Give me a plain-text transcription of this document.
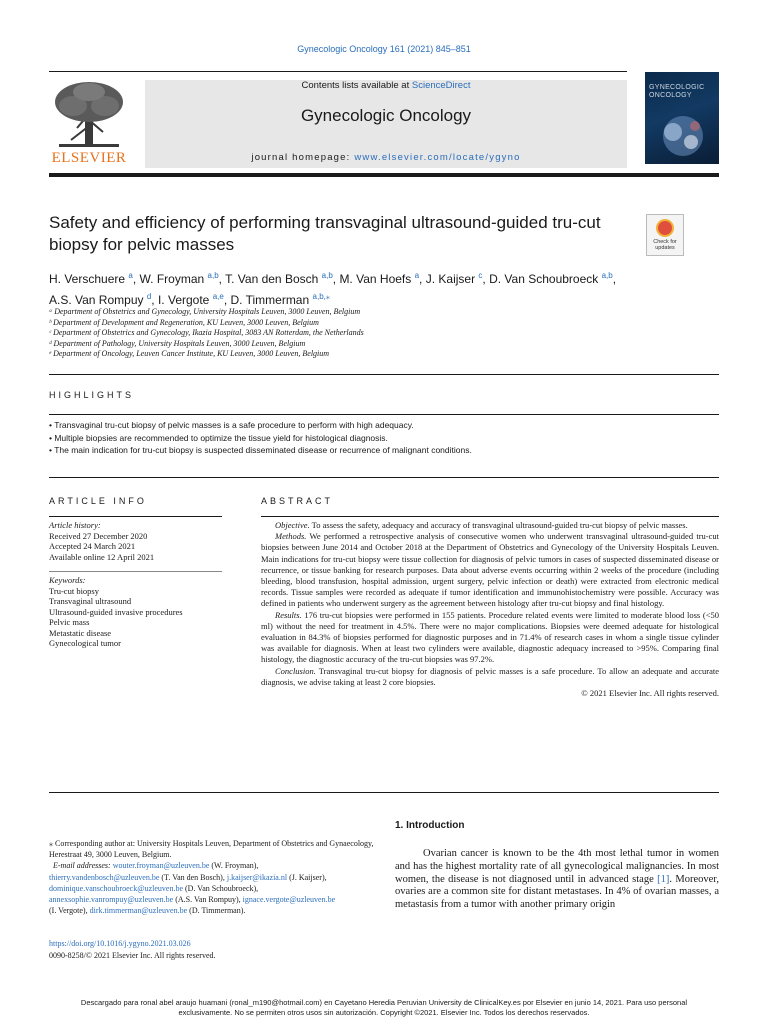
Gynecologic Oncology 161 (2021) 845–851
ELSEVIER
Contents lists available at ScienceDirect
Gynecologic Oncology
journal homepage: www.elsevier.com/locate/ygyno
GYNECOLOGIC ONCOLOGY
Safety and efficiency of performing transvaginal ultrasound-guided tru-cut biopsy for pelvic masses	Check for updates
H. Verschuere $^a$, W. Froyman $^{a,b}$, T. Van den Bosch $^{a,b}$, M. Van Hoefs $^a$, J. Kaijser $^c$, D. Van Schoubroeck $^{a,b}$,
A.S. Van Rompuy $^d$, I. Vergote $^{a,e}$, D. Timmerman $^{a,b,⁎}$
ᵃ Department of Obstetrics and Gynecology, University Hospitals Leuven, 3000 Leuven, Belgium
ᵇ Department of Development and Regeneration, KU Leuven, 3000 Leuven, Belgium
ᶜ Department of Obstetrics and Gynecology, Ikazia Hospital, 3083 AN Rotterdam, the Netherlands
ᵈ Department of Pathology, University Hospitals Leuven, 3000 Leuven, Belgium
ᵉ Department of Oncology, Leuven Cancer Institute, KU Leuven, 3000 Leuven, Belgium
HIGHLIGHTS
• Transvaginal tru-cut biopsy of pelvic masses is a safe procedure to perform with high adequacy.
• Multiple biopsies are recommended to optimize the tissue yield for histological diagnosis.
• The main indication for tru-cut biopsy is suspected disseminated disease or recurrence of malignant conditions.
ARTICLE INFO
Article history:
Received 27 December 2020
Accepted 24 March 2021
Available online 12 April 2021
Keywords:
Tru-cut biopsy
Transvaginal ultrasound
Ultrasound-guided invasive procedures
Pelvic mass
Metastatic disease
Gynecological tumor
ABSTRACT

Objective. To assess the safety, adequacy and accuracy of transvaginal ultrasound-guided tru-cut biopsy of pelvic masses.

Methods. We performed a retrospective analysis of consecutive women who underwent transvaginal ultrasound-guided tru-cut biopsies between June 2014 and October 2018 at the Department of Obstetrics and Gynecology of the University Hospitals Leuven. Main indications for tru-cut biopsy were tissue collection for diagnosis of pelvic tumors in cases of suspected disseminated disease or recurrence, or tissue banking for research purposes. Data about adverse events occurring within 2 weeks of the procedure (including bleeding, blood transfusion, hospital admission, urgent surgery, pelvic infection or death) were extracted from electronic medical records. Tissue samples were recorded as adequate if tumor identification and immunohistochemistry were possible. Accuracy was defined in patients who underwent surgery as the agreement between histology after tru-cut biopsy and final histology.

Results. 176 tru-cut biopsies were performed in 155 patients. Procedure related events were limited to moderate blood loss (<50 ml) without the need for treatment in 4.5%. There were no major complications. Biopsies were deemed adequate for histological evaluation in 84.3% of biopsies performed for diagnostic purposes and in 71.4% of research cases in whom a single tissue cylinder was available for diagnosis. When at least two cylinders were available, diagnostic adequacy increased to >95%. Comparing final histology, the diagnostic accuracy of the tru-cut biopsies was 97.2%.

Conclusion. Transvaginal tru-cut biopsy for diagnosis of pelvic masses is a safe procedure. To allow an adequate and accurate diagnosis, we advise taking at least 2 core biopsies.

© 2021 Elsevier Inc. All rights reserved.
⁎ Corresponding author at: University Hospitals Leuven, Department of Obstetrics and Gynaecology, Herestraat 49, 3000 Leuven, Belgium.
E-mail addresses: wouter.froyman@uzleuven.be (W. Froyman),
thierry.vandenbosch@uzleuven.be (T. Van den Bosch), j.kaijser@ikazia.nl (J. Kaijser),
dominique.vanschoubroeck@uzleuven.be (D. Van Schoubroeck),
annexsophie.vanrompuy@uzleuven.be (A.S. Van Rompuy), ignace.vergote@uzleuven.be
(I. Vergote), dirk.timmerman@uzleuven.be (D. Timmerman).
https://doi.org/10.1016/j.ygyno.2021.03.026
0090-8258/© 2021 Elsevier Inc. All rights reserved.
1. Introduction

Ovarian cancer is known to be the 4th most lethal tumor in women and has the highest mortality rate of all gynecological malignancies. In most women, the disease is not diagnosed until in advanced stage [1]. Moreover, ovaries are a common site for distant metastases. In 4% of ovarian masses, a metastasis from a tumor with another primary origin

Descargado para ronal abel araujo huamani (ronal_m190@hotmail.com) en Cayetano Heredia Peruvian University de ClinicalKey.es por Elsevier en junio 14, 2021. Para uso personal exclusivamente. No se permiten otros usos sin autorización. Copyright ©2021. Elsevier Inc. Todos los derechos reservados.
